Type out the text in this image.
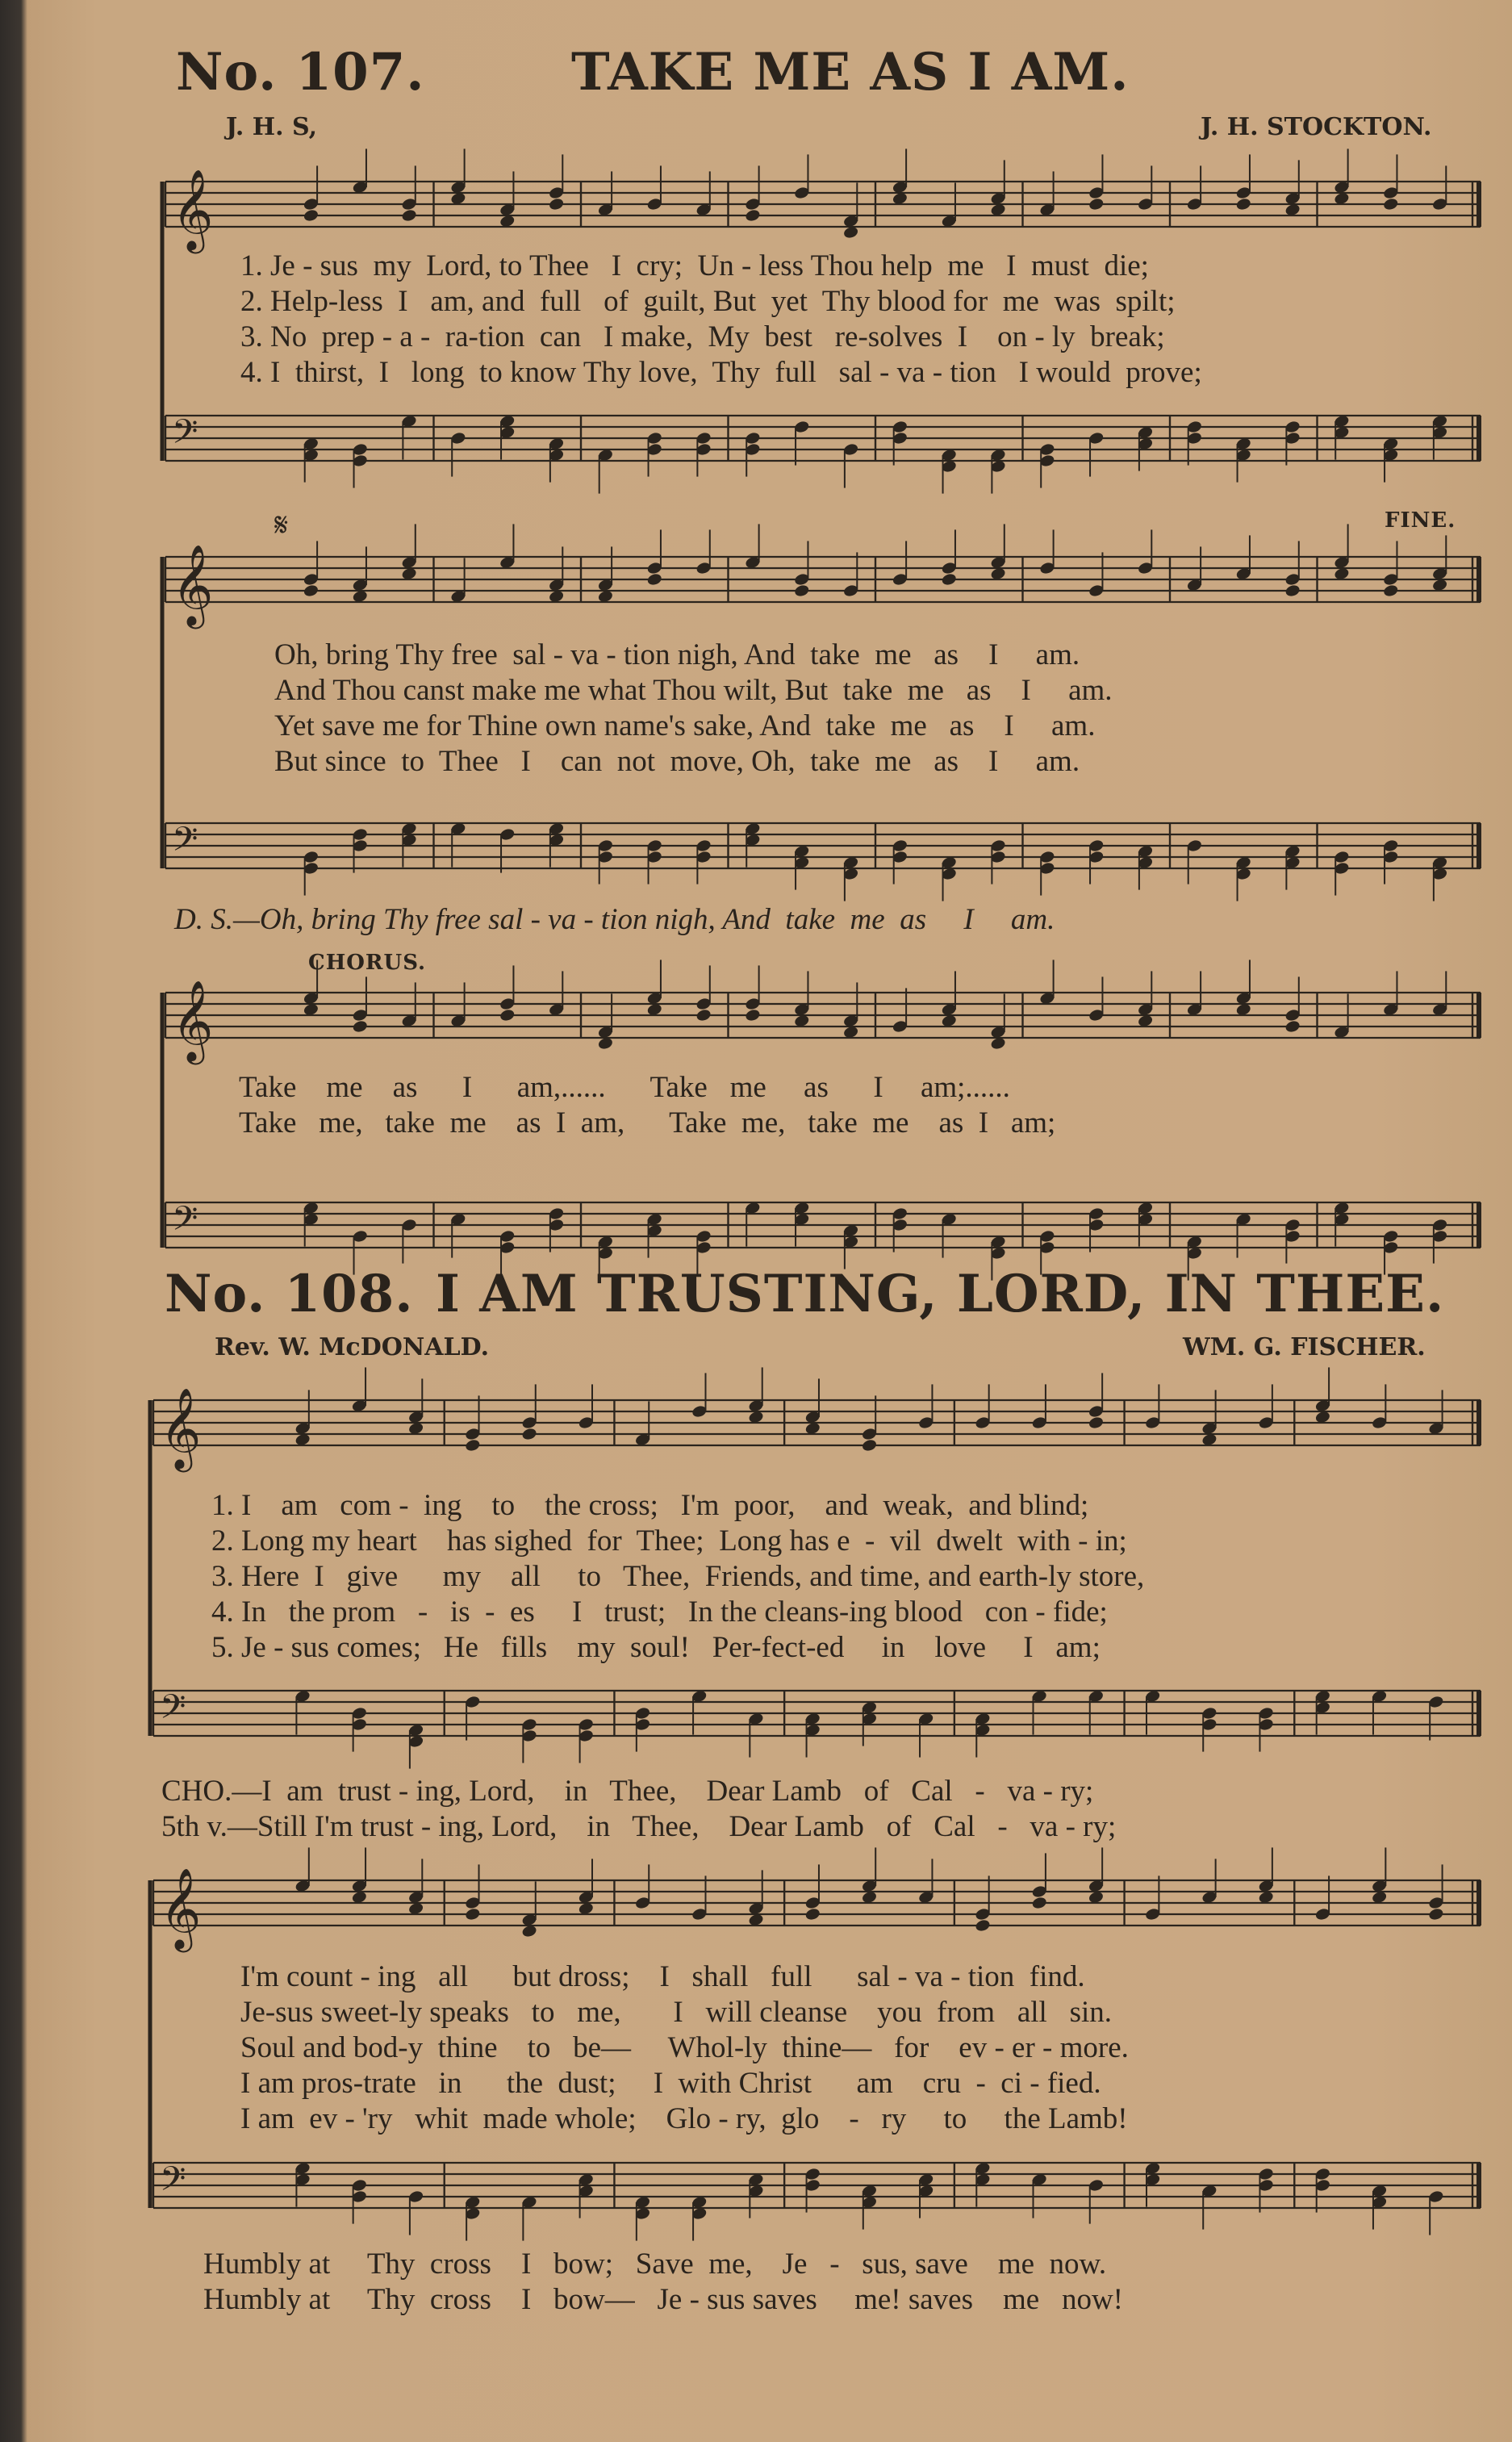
No. 107.	TAKE ME AS I AM.
J. H. S,	J. H. STOCKTON.
𝄞
𝄢
1. Je - sus  my  Lord, to Thee   I  cry;  Un - less Thou help  me   I  must  die;
2. Help-less  I   am, and  full   of  guilt, But  yet  Thy blood for  me  was  spilt;
3. No  prep - a -  ra-tion  can   I make,  My  best   re-solves  I    on - ly  break;
4. I  thirst,  I   long  to know Thy love,  Thy  full   sal - va - tion   I would  prove;
𝄋	FINE.
𝄞
𝄢
Oh, bring Thy free  sal - va - tion nigh, And  take  me   as    I     am.
And Thou canst make me what Thou wilt, But  take  me   as    I     am.
Yet save me for Thine own name's sake, And  take  me   as    I     am.
But since  to  Thee   I    can  not  move, Oh,  take  me   as    I     am.
D. S.—Oh, bring Thy free sal - va - tion nigh, And  take  me  as     I     am.
CHORUS.
𝄞
𝄢
Take    me    as      I      am,......      Take   me     as      I     am;......
Take   me,   take  me    as  I  am,      Take  me,   take  me    as  I   am;
No. 108. I AM TRUSTING, LORD, IN THEE.
Rev. W. McDONALD.	WM. G. FISCHER.
𝄞
𝄢
1. I    am   com -  ing    to    the cross;   I'm  poor,    and  weak,  and blind;
2. Long my heart    has sighed  for  Thee;  Long has e  -  vil  dwelt  with - in;
3. Here  I   give      my    all     to   Thee,  Friends, and time, and earth-ly store,
4. In   the prom   -   is  -  es     I   trust;   In the cleans-ing blood   con - fide;
5. Je - sus comes;   He   fills    my  soul!   Per-fect-ed     in    love     I   am;
CHO.—I  am  trust - ing, Lord,    in   Thee,    Dear Lamb   of   Cal   -   va - ry;
5th v.—Still I'm trust - ing, Lord,    in   Thee,    Dear Lamb   of   Cal   -   va - ry;
𝄞
𝄢
I'm count - ing   all      but dross;    I   shall   full      sal - va - tion  find.
Je-sus sweet-ly speaks   to   me,       I   will cleanse    you  from   all   sin.
Soul and bod-y  thine    to   be—     Whol-ly  thine—   for    ev - er - more.
I am pros-trate   in      the  dust;     I  with Christ      am    cru  -  ci - fied.
I am  ev - 'ry   whit  made whole;    Glo - ry,  glo    -   ry     to     the Lamb!
Humbly at     Thy  cross    I   bow;   Save  me,    Je   -   sus, save    me  now.
Humbly at     Thy  cross    I   bow—   Je - sus saves     me! saves    me   now!
